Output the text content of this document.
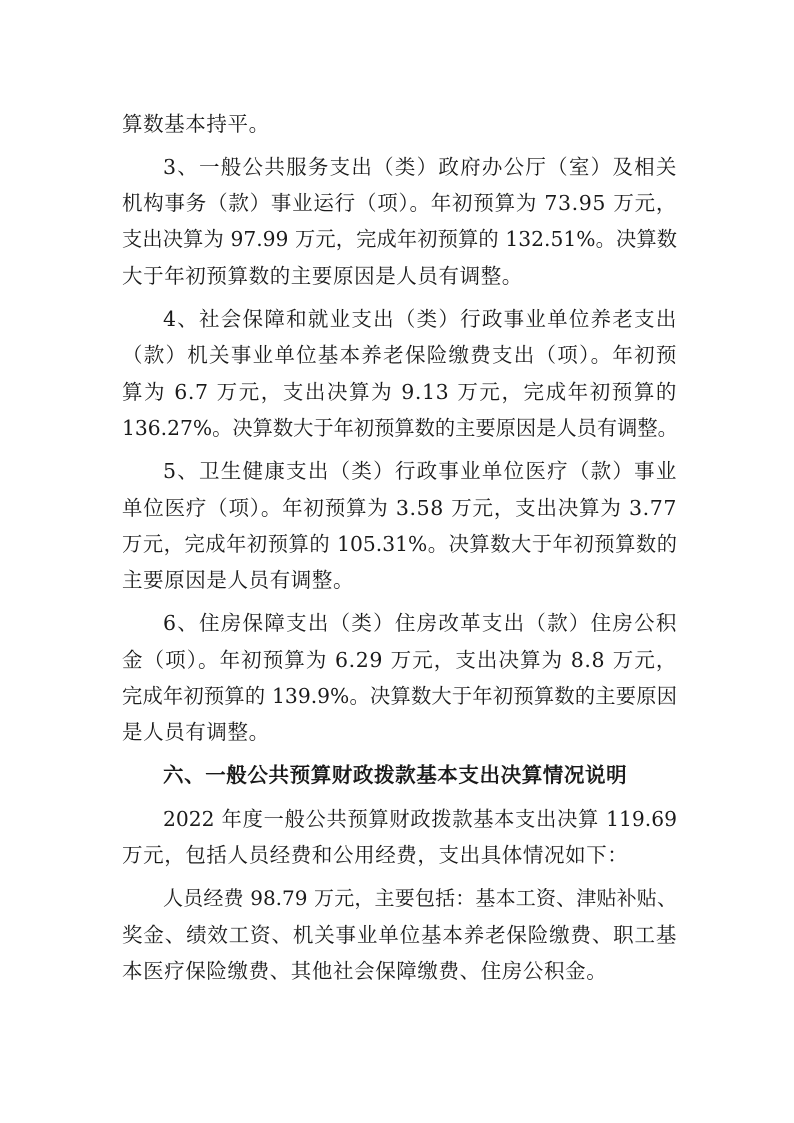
算数基本持平。
3、一般公共服务支出（类）政府办公厅（室）及相关
机构事务（款）事业运行（项）。年初预算为 73.95 万元，
支出决算为 97.99 万元，完成年初预算的 132.51%。决算数
大于年初预算数的主要原因是人员有调整。
4、社会保障和就业支出（类）行政事业单位养老支出
（款）机关事业单位基本养老保险缴费支出（项）。年初预
算为 6.7 万元，支出决算为 9.13 万元，完成年初预算的
136.27%。决算数大于年初预算数的主要原因是人员有调整。
5、卫生健康支出（类）行政事业单位医疗（款）事业
单位医疗（项）。年初预算为 3.58 万元，支出决算为 3.77
万元，完成年初预算的 105.31%。决算数大于年初预算数的
主要原因是人员有调整。
6、住房保障支出（类）住房改革支出（款）住房公积
金（项）。年初预算为 6.29 万元，支出决算为 8.8 万元，
完成年初预算的 139.9%。决算数大于年初预算数的主要原因
是人员有调整。
六、一般公共预算财政拨款基本支出决算情况说明
2022 年度一般公共预算财政拨款基本支出决算 119.69
万元，包括人员经费和公用经费，支出具体情况如下：
人员经费 98.79 万元，主要包括：基本工资、津贴补贴、
奖金、绩效工资、机关事业单位基本养老保险缴费、职工基
本医疗保险缴费、其他社会保障缴费、住房公积金。
